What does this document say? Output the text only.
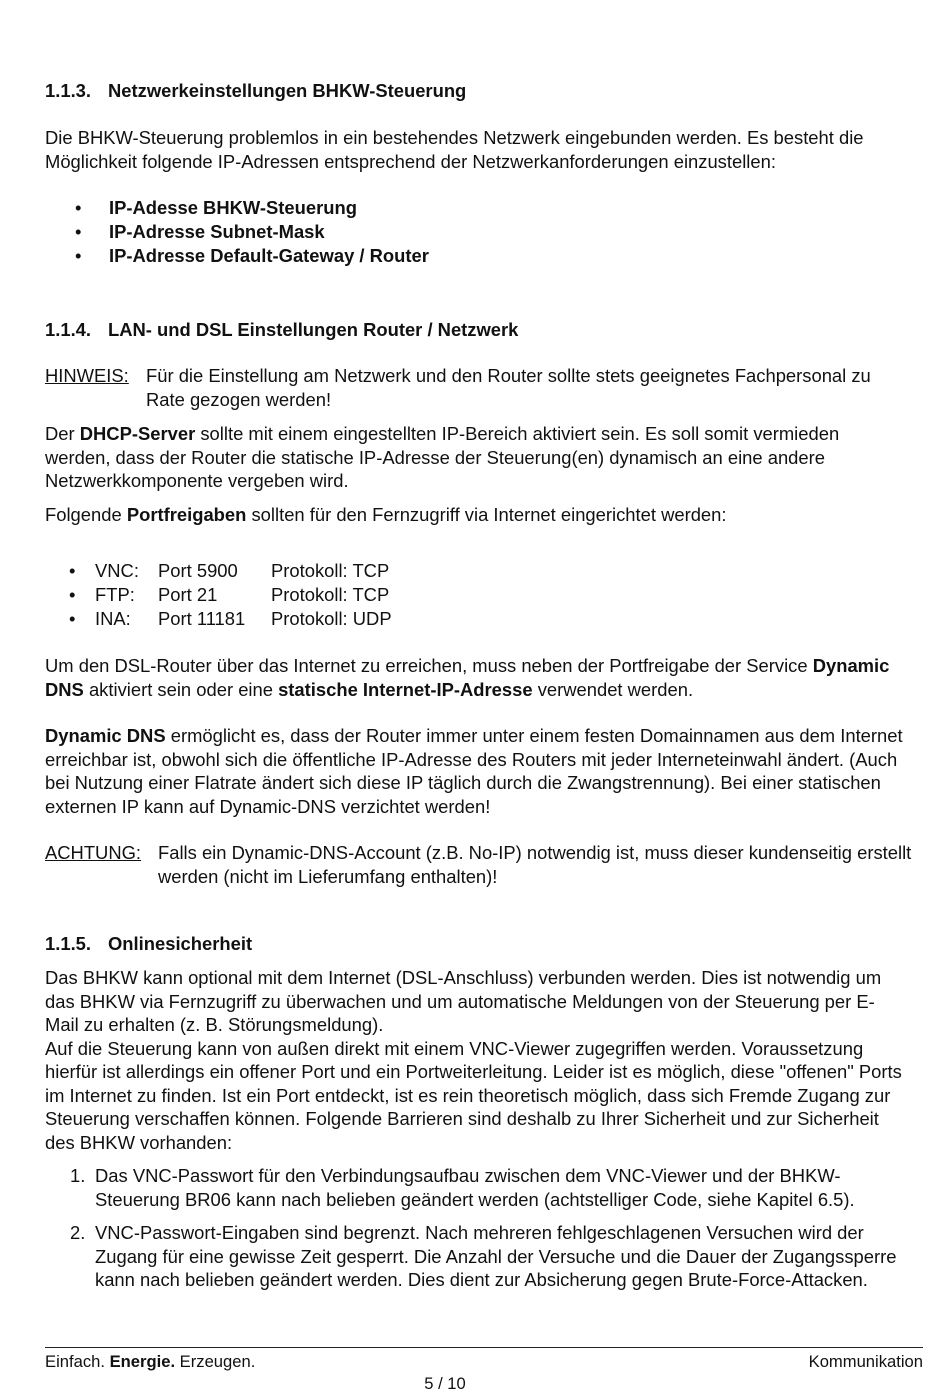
1.1.3. Netzwerkeinstellungen BHKW-Steuerung

Die BHKW-Steuerung problemlos in ein bestehendes Netzwerk eingebunden werden. Es besteht die

Möglichkeit folgende IP-Adressen entsprechend der Netzwerkanforderungen einzustellen:

• IP-Adesse BHKW-Steuerung
• IP-Adresse Subnet-Mask
• IP-Adresse Default-Gateway / Router
1.1.4. LAN- und DSL Einstellungen Router / Netzwerk
HINWEIS: Für die Einstellung am Netzwerk und den Router sollte stets geeignetes Fachpersonal zu

Rate gezogen werden!

Der DHCP-Server sollte mit einem eingestellten IP-Bereich aktiviert sein. Es soll somit vermieden

werden, dass der Router die statische IP-Adresse der Steuerung(en) dynamisch an eine andere

Netzwerkkomponente vergeben wird.

Folgende Portfreigaben sollten für den Fernzugriff via Internet eingerichtet werden:

• VNC: Port 5900 Protokoll: TCP
• FTP: Port 21	Protokoll: TCP
• INA: Port 11181 Protokoll: UDP

Um den DSL-Router über das Internet zu erreichen, muss neben der Portfreigabe der Service Dynamic

DNS aktiviert sein oder eine statische Internet-IP-Adresse verwendet werden.

Dynamic DNS ermöglicht es, dass der Router immer unter einem festen Domainnamen aus dem Internet

erreichbar ist, obwohl sich die öffentliche IP-Adresse des Routers mit jeder Interneteinwahl ändert. (Auch

bei Nutzung einer Flatrate ändert sich diese IP täglich durch die Zwangstrennung). Bei einer statischen

externen IP kann auf Dynamic-DNS verzichtet werden!

ACHTUNG: Falls ein Dynamic-DNS-Account (z.B. No-IP) notwendig ist, muss dieser kundenseitig erstellt

werden (nicht im Lieferumfang enthalten)!

1.1.5. Onlinesicherheit

Das BHKW kann optional mit dem Internet (DSL-Anschluss) verbunden werden. Dies ist notwendig um

das BHKW via Fernzugriff zu überwachen und um automatische Meldungen von der Steuerung per E-

Mail zu erhalten (z. B. Störungsmeldung).

Auf die Steuerung kann von außen direkt mit einem VNC-Viewer zugegriffen werden. Voraussetzung

hierfür ist allerdings ein offener Port und ein Portweiterleitung. Leider ist es möglich, diese "offenen" Ports

im Internet zu finden. Ist ein Port entdeckt, ist es rein theoretisch möglich, dass sich Fremde Zugang zur

Steuerung verschaffen können. Folgende Barrieren sind deshalb zu Ihrer Sicherheit und zur Sicherheit

des BHKW vorhanden:

1. Das VNC-Passwort für den Verbindungsaufbau zwischen dem VNC-Viewer und der BHKW-

Steuerung BR06 kann nach belieben geändert werden (achtstelliger Code, siehe Kapitel 6.5).

2. VNC-Passwort-Eingaben sind begrenzt. Nach mehreren fehlgeschlagenen Versuchen wird der

Zugang für eine gewisse Zeit gesperrt. Die Anzahl der Versuche und die Dauer der Zugangssperre

kann nach belieben geändert werden. Dies dient zur Absicherung gegen Brute-Force-Attacken.

Einfach. Energie. Erzeugen.	Kommunikation
5 / 10
